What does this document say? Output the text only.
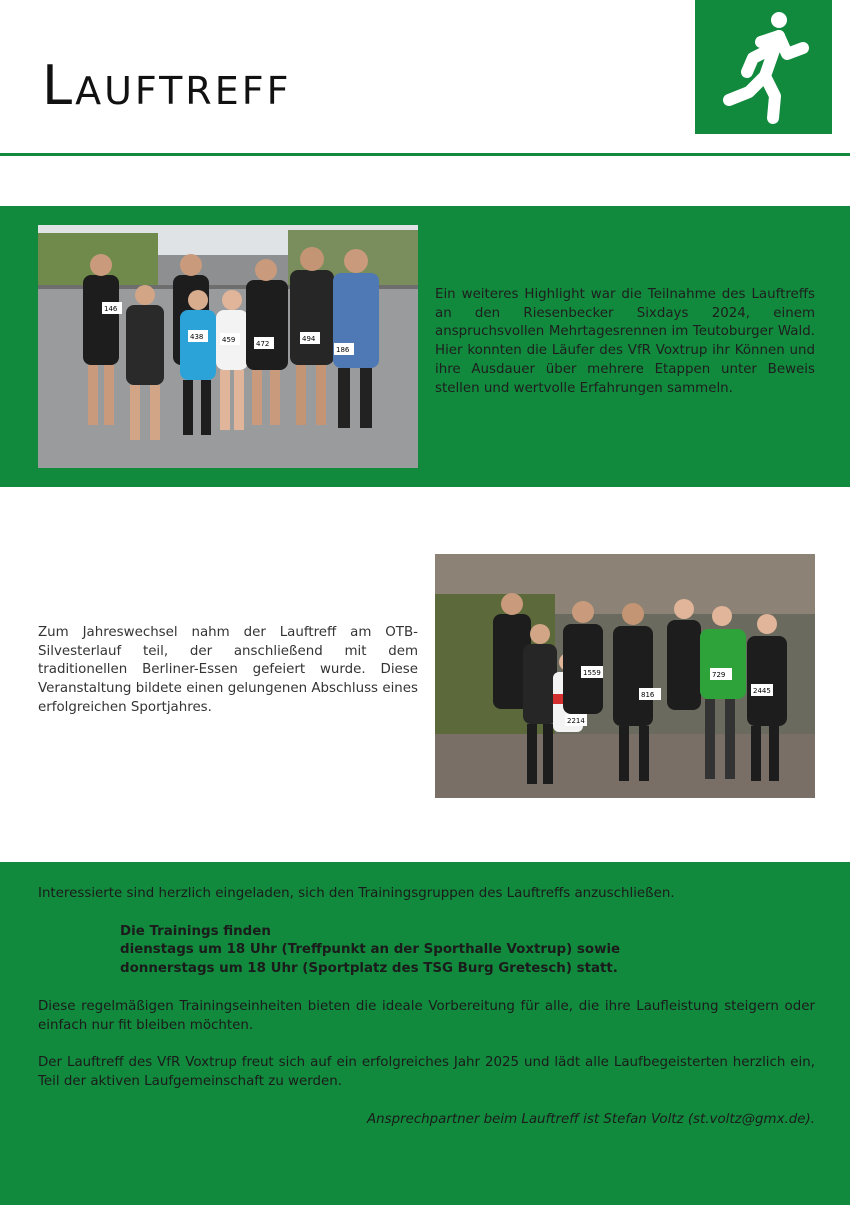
Lauftreff
146
438	459	472
494
186

Ein weiteres Highlight war die Teilnahme des Lauftreffs an den Riesenbecker Sixdays 2024, einem anspruchsvollen Mehrtagesrennen im Teutoburger Wald. Hier konnten die Läufer des VfR Voxtrup ihr Können und ihre Ausdauer über mehrere Etappen unter Beweis stellen und wertvolle Erfahrungen sammeln.

Zum Jahreswechsel nahm der Lauftreff am OTB-Silvesterlauf teil, der anschließend mit dem traditionellen Berliner-Essen gefeiert wurde. Diese Veranstaltung bildete einen gelungenen Abschluss eines erfolgreichen Sportjahres.

1559
2214
816
729
2445

Interessierte sind herzlich eingeladen, sich den Trainingsgruppen des Lauftreffs anzuschließen.

Die Trainings finden
dienstags um 18 Uhr (Treffpunkt an der Sporthalle Voxtrup) sowie
donnerstags um 18 Uhr (Sportplatz des TSG Burg Gretesch) statt.

Diese regelmäßigen Trainingseinheiten bieten die ideale Vorbereitung für alle, die ihre Laufleistung steigern oder einfach nur fit bleiben möchten.

Der Lauftreff des VfR Voxtrup freut sich auf ein erfolgreiches Jahr 2025 und lädt alle Laufbegeisterten herzlich ein, Teil der aktiven Laufgemeinschaft zu werden.

Ansprechpartner beim Lauftreff ist Stefan Voltz (st.voltz@gmx.de).
